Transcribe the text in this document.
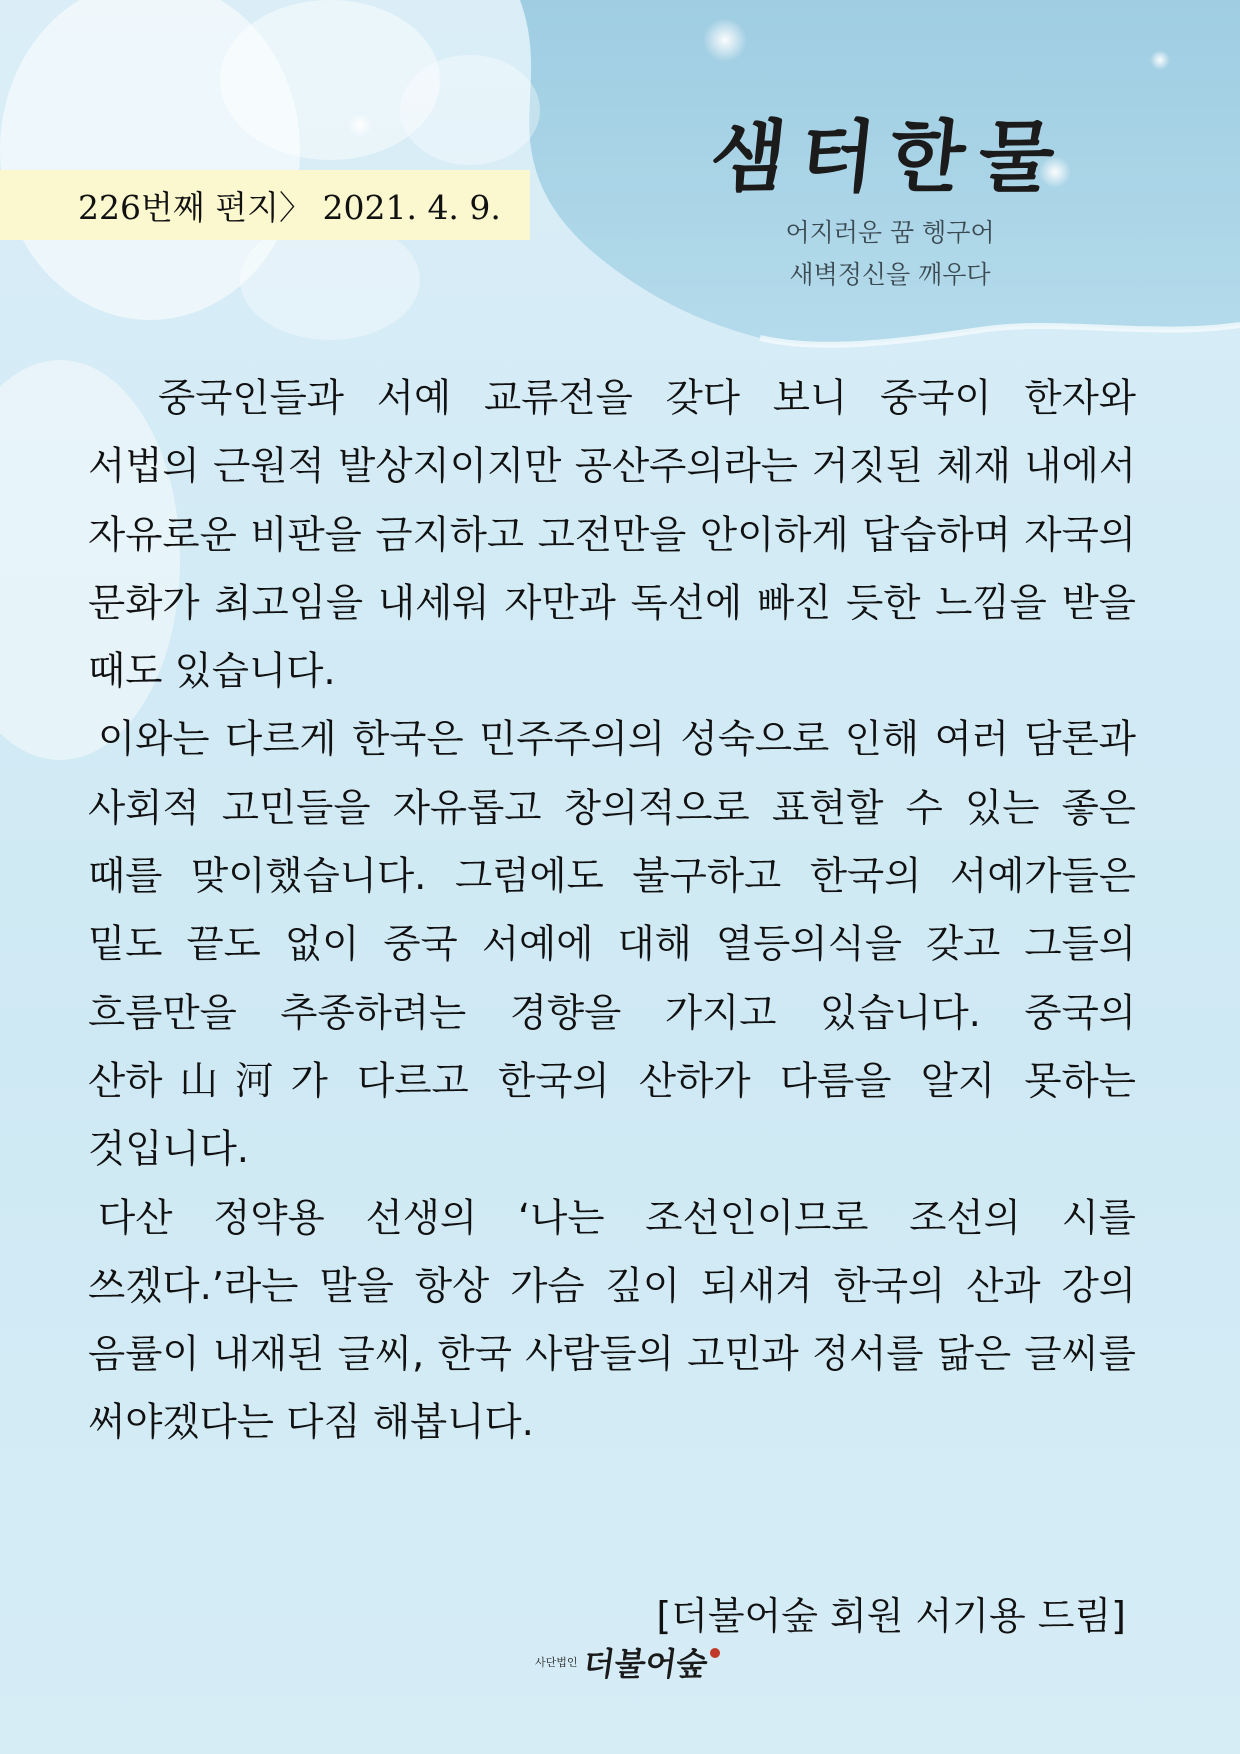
226번째 편지〉 2021. 4. 9.
샘터한물
어지러운 꿈 헹구어
새벽정신을 깨우다

중국인들과 서예 교류전을 갖다 보니 중국이 한자와 서법의 근원적 발상지이지만 공산주의라는 거짓된 체재 내에서 자유로운 비판을 금지하고 고전만을 안이하게 답습하며 자국의 문화가 최고임을 내세워 자만과 독선에 빠진 듯한 느낌을 받을 때도 있습니다.

이와는 다르게 한국은 민주주의의 성숙으로 인해 여러 담론과 사회적 고민들을 자유롭고 창의적으로 표현할 수 있는 좋은 때를 맞이했습니다. 그럼에도 불구하고 한국의 서예가들은 밑도 끝도 없이 중국 서예에 대해 열등의식을 갖고 그들의 흐름만을 추종하려는 경향을 가지고 있습니다. 중국의 산하山河가 다르고 한국의 산하가 다름을 알지 못하는 것입니다.

다산 정약용 선생의 ‘나는 조선인이므로 조선의 시를 쓰겠다.’라는 말을 항상 가슴 깊이 되새겨 한국의 산과 강의 음률이 내재된 글씨, 한국 사람들의 고민과 정서를 닮은 글씨를 써야겠다는 다짐 해봅니다.

[더불어숲 회원 서기용 드림]
사단법인 더불어숲
